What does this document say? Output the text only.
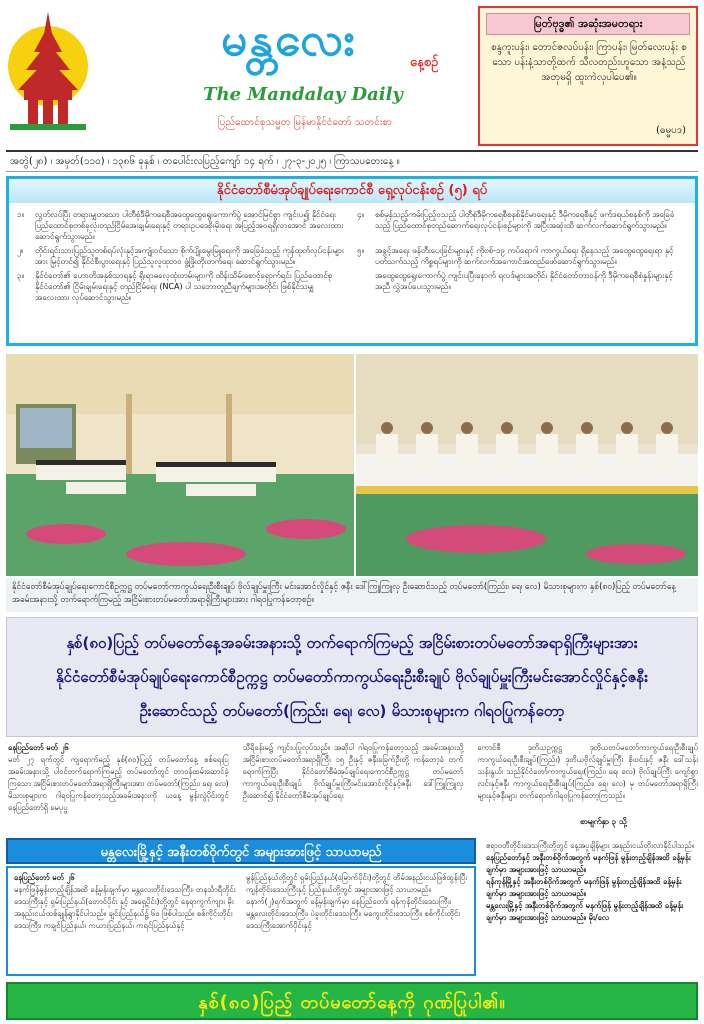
မန္တလေး	နေ့စဉ်
The Mandalay Daily
ပြည်ထောင်စုသမ္မတ မြန်မာနိုင်ငံတော် သတင်းစာ
မြတ်ဗုဒ္ဓ၏ အဆုံးအမတရား
စန္ဒကူးပန်း၊ တောင်ဇလပ်ပန်း၊ ကြာပန်း၊ မြတ်လေးပန်း စသော ပန်းနံ့သာတို့ထက် သီလတည်းဟူသော အနံ့သည် အတုမရှိ ထူးကဲလှပါပေ၏။
(ဓမ္မပဒ)
အတွဲ(၂၈) ၊ အမှတ်(၁၁၀) ၊ ၁၃၈၆ ခုနှစ် ၊ တပေါင်းလပြည့်ကျော် ၁၄ ရက် ၊ ၂၇-၃-၂၀၂၅ ၊ ကြာသပတေးနေ့ ။
နိုင်ငံတော်စီမံအုပ်ချုပ်ရေးကောင်စီ ရှေ့လုပ်ငန်းစဉ် (၅) ရပ်
၁။	လွတ်လပ်ပြီး တရားမျှတသော ပါတီစုံဒီမိုကရေစီအထွေထွေရွေးကောက်ပွဲ အောင်မြင်စွာ ကျင်းပ၍ နိုင်ငံရေး ပြည်ထောင်စုတစ်ခုလုံးတည်ငြိမ်အေးချမ်းရေးနှင့် တရားဥပဒေစိုးမိုးရေး အပြည့်အဝရရှိလာအောင် အလေးထားဆောင်ရွက်သွားမည်။
၄။	စစ်မှန်သည့်ကမ်းပြည့်ဝသည့် ပါတီစုံဒီမိုကရေစီစနစ်နိုင်မာရေးနှင့် ဒီမိုကရေစီနှင့် ဖက်ဒရယ်စနစ်ကို အခြေခံသည့် ပြည်ထောင်စုတည်ဆောက်ရေးလုပ်ငန်းစဉ်များကို အပြီးအဆုံးထိ ဆက်လက်ဆောင်ရွက်သွားမည်။
၂။	တိုင်းရင်းသားပြည်သူတစ်ရပ်လုံးနှင့်အကျုံးဝင်သော စိုက်ပျိုးမွေးမြူရေးကို အခြေခံသည့် ကုန်ထုတ်လုပ်ငန်းများအား မြှင့်တင်၍ နိုင်ငံစီးပွားရေးနှင့် ပြည်သူလူထုဘဝ ဖွံ့ဖြိုးတိုးတက်ရေး ဆောင်ရွက်သွားမည်။
၅။	အခွင့်အရေး ဖန်တီးပေးခြင်းများနှင့် ကိုဗစ်-၁၉ ကပ်ရောဂါ ကာကွယ်ရေး ရှိနေသည့် အထွေထွေရေးရာ နှင့် ပတ်သက်သည့် ကိစ္စရပ်များကို ဆက်လက်အကောင်အထည်ဖော်ဆောင်ရွက်သွားမည်။
၃။	နိုင်ငံတော်၏ ဟောတိအနှစ်သာရနှင့် ရိုးရာဓလေ့ထုံးတမ်းများကို ထိန်းသိမ်းစောင့်ရှောက်ရင်း ပြည်ထောင်စုနိုင်ငံတော်၏ ငြိမ်းချမ်းရေးနှင့် တည်ငြိမ်ရေး (NCA) ပါ သဘောတူညီချက်များအတိုင်း ဖြစ်နိုင်သမျှ အလေးထား လုပ်ဆောင်သွားမည်။
အထွေထွေရွေးကောက်ပွဲ ကျင်းပပြီးနောက် ရလဒ်များအတိုင်း နိုင်ငံတော်တာဝန်ကို ဒီမိုကရေစီစံနှုန်းများနှင့်အညီ လွှဲအပ်ပေးသွားမည်။
နိုင်ငံတော်စီမံအုပ်ချုပ်ရေးကောင်စီဥက္ကဋ္ဌ တပ်မတော်ကာကွယ်ရေးဦးစီးချုပ် ဗိုလ်ချုပ်မှူးကြီး မင်းအောင်လှိုင်နှင့် ဇနီး ဒေါ်ကြူကြူလှ ဦးဆောင်သည့် တပ်မတော်(ကြည်း၊ ရေ၊ လေ) မိသားစုများက နှစ်(၈၀)ပြည့် တပ်မတော်နေ့ အခမ်းအနားသို့ တက်ရောက်ကြမည့် အငြိမ်းစားတပ်မတော်အရာရှိကြီးများအား ဂါရဝပြုကန်တော့စဉ်။
နှစ်(၈၀)ပြည့် တပ်မတော်နေ့အခမ်းအနားသို့ တက်ရောက်ကြမည့် အငြိမ်းစားတပ်မတော်အရာရှိကြီးများအား
နိုင်ငံတော်စီမံအုပ်ချုပ်ရေးကောင်စီဥက္ကဋ္ဌ တပ်မတော်ကာကွယ်ရေးဦးစီးချုပ် ဗိုလ်ချုပ်မှူးကြီးမင်းအောင်လှိုင်နှင့်ဇနီး
ဦးဆောင်သည့် တပ်မတော်(ကြည်း၊ ရေ၊ လေ) မိသားစုများက ဂါရဝပြုကန်တော့
နေပြည်တော် မတ် ၂၆
မတ် ၂၇ ရက်တွင် ကျရောက်မည့် နှစ်(၈၀)ပြည့် တပ်မတော်နေ့ စစ်ရေးပြအခမ်းအနားသို့ ပါဝင်တက်ရောက်ကြမည့် တပ်မတော်တွင် တာဝန်ထမ်းဆောင်ခဲ့ကြသော အငြိမ်းစားတပ်မတော်အရာရှိကြီးများအား တပ်မတော်(ကြည်း၊ ရေ၊ လေ) မိသားစုများက ဂါရဝပြုကန်တော့သည့်အခမ်းအနားကို ယနေ့ မွန်းလွဲပိုင်းတွင် နေပြည်တော်ရှိ မေပုပ္ဖ
သီရိခန်းမ၌ ကျင်းပပြုလုပ်သည်။ အဆိုပါ ဂါရဝပြုကန်တော့သည့် အခမ်းအနားသို့ အငြိမ်းစားတပ်မတော်အရာရှိကြီး ၁၅ ဦးနှင့် ဇနီးခြေက်ဦးတို့ ကန်တော့ခံ တက်ရောက်ကြပြီး နိုင်ငံတော်စီမံအုပ်ချုပ်ရေးကောင်စီဥက္ကဋ္ဌ တပ်မတော်ကာကွယ်ရေးဦးစီးချုပ် ဗိုလ်ချုပ်မှူးကြီးမင်းအောင်လှိုင်နှင့်ဇနီး ဒေါ်ကြူကြူလှ ဦးဆောင်၍ နိုင်ငံတော်စီမံအုပ်ချုပ်ရေး
ကောင်စီ ဒုတိယဥက္ကဋ္ဌ ဒုတိယတပ်မတော်ကာကွယ်ရေးဦးစီးချုပ် ကာကွယ်ရေးဦးစီးချုပ်(ကြည်း) ဒုတိယဗိုလ်ချုပ်မှူးကြီး စိုးဝင်းနှင့် ဇနီး ဒေါ်သန်းသန်းနွယ်၊ သည်နိုင်ငံတော်ကာကွယ်ရေး(ကြည်း၊ ရေ၊ လေ) ဗိုလ်ချုပ်ကြီး ကျော်စွာလင်းနှင့်ဇနီး ကာကွယ်ရေးဦးစီးချုပ်(ကြည်း၊ ရေ၊ လေ) မှ တပ်မတော်အရာရှိကြီးများနှင့်ဇနီးများ တက်ရောက်ဂါရဝပြုကန်တော့ကြသည်။
စာမျက်နှာ ၃ သို့
မန္တလေးမြို့နှင့် အနီးတစ်ဝိုက်တွင် အများအားဖြင့် သာယာမည်
နေပြည်တော် မတ် ၂၆
မနက်ဖြန်မွန်းတည့်ချိန်အထိ ခန့်မှန်းချက်မှာ မန္တလေးတိုင်းဒေသကြီး၊ တနင်္သာရီတိုင်းဒေသကြီးနှင့် ရှမ်းပြည်နယ်(တောင်ပိုင်း နှင့် အရှေ့ပိုင်း)တို့တွင် နေရာကွက်ကျား မိုးအနည်းငယ်ထစ်ချုန်ရွာနိုင်ပါသည်။ ချင်းပြည်နယ်၌ ၆၀ ဖြစ်ပါသည်။ စစ်ကိုင်းတိုင်းဒေသကြီး၊ ကချင်ပြည်နယ်၊ ကယားပြည်နယ်၊ ကရင်ပြည်နယ်နှင့်
မွန်ပြည်နယ်တို့တွင် ရှမ်းပြည်နယ်(မြောက်ပိုင်း)တို့တွင် တိမ်အနည်းငယ်ဖြစ်ထွန်းပြီး ကျန်တိုင်းဒေသကြီးနှင့် ပြည်နယ်တို့တွင် အများအားဖြင့် သာယာမည်။ နောက်(၂)ရက်အတွက် ခန့်မှန်းချက်မှာ နေပြည်တော်၊ ရန်ကုန်တိုင်းဒေသကြီး၊ မန္တလေးတိုင်းဒေသကြီး၊ ပဲခူးတိုင်းဒေသကြီး၊ မကွေးတိုင်းဒေသကြီး၊ စစ်ကိုင်းတိုင်းဒေသကြီးအောက်ပိုင်းနှင့်

ဧရာဝတီတိုင်းဒေသကြီးတို့တွင် နေ့အပူချိန်များ အနည်းငယ်တိုးလာနိုင်ပါသည်။

နေပြည်တော်နှင့် အနီးတစ်ဝိုက်အတွက် မနက်ဖြန် မွန်းတည့်ချိန်အထိ ခန့်မှန်းချက်မှာ အများအားဖြင့် သာယာမည်။

ရန်ကုန်မြို့နှင့် အနီးတစ်ဝိုက်အတွက် မနက်ဖြန် မွန်းတည့်ချိန်အထိ ခန့်မှန်းချက်မှာ အများအားဖြင့် သာယာမည်။

မန္တလေးမြို့နှင့် အနီးတစ်ဝိုက်အတွက် မနက်ဖြန် မွန်းတည့်ချိန်အထိ ခန့်မှန်းချက်မှာ အများအားဖြင့် သာယာမည်။ မိုး/လေ

နှစ်(၈၀)ပြည့် တပ်မတော်နေ့ကို ဂုဏ်ပြုပါ၏။
